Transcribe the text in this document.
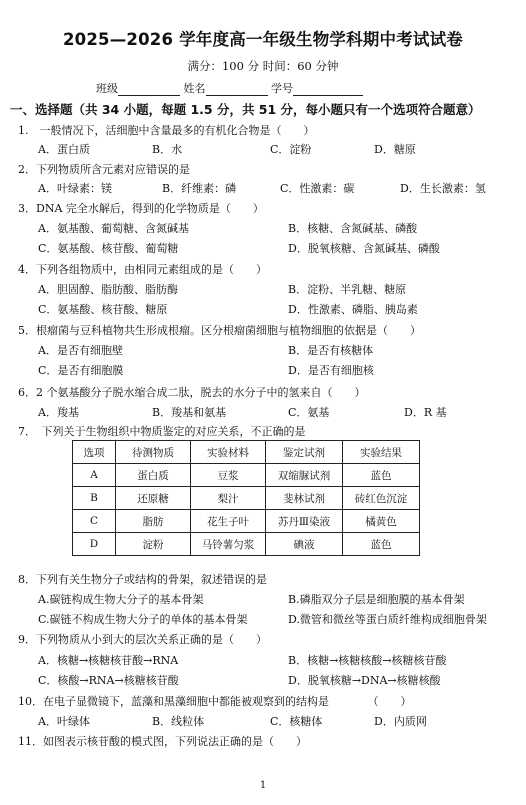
2025—2026 学年度高一年级生物学科期中考试试卷
满分：100 分 时间：60 分钟
班级	姓名	学号
一、选择题（共 34 小题，每题 1.5 分，共 51 分，每小题只有一个选项符合题意）
1.　一般情况下，活细胞中含量最多的有机化合物是（　　）
A．蛋白质	B．水	C．淀粉	D．糖原
2．下列物质所含元素对应错误的是
A．叶绿素：镁	B．纤维素：磷	C．性激素：碳	D．生长激素：氢
3．DNA 完全水解后，得到的化学物质是（　　）
A．氨基酸、葡萄糖、含氮碱基	B．核糖、含氮碱基、磷酸
C．氨基酸、核苷酸、葡萄糖	D．脱氧核糖、含氮碱基、磷酸
4．下列各组物质中，由相同元素组成的是（　　）
A．胆固醇、脂肪酸、脂肪酶	B．淀粉、半乳糖、糖原
C．氨基酸、核苷酸、糖原	D．性激素、磷脂、胰岛素
5．根瘤菌与豆科植物共生形成根瘤。区分根瘤菌细胞与植物细胞的依据是（　　）
A．是否有细胞壁	B．是否有核糖体
C．是否有细胞膜	D．是否有细胞核
6．2 个氨基酸分子脱水缩合成二肽，脱去的水分子中的氢来自（　　）
A．羧基	B．羧基和氨基	C．氨基	D．R 基
7．　下列关于生物组织中物质鉴定的对应关系，不正确的是
选项	待测物质	实验材料	鉴定试剂	实验结果
A	蛋白质	豆浆	双缩脲试剂	蓝色
B	还原糖	梨汁	斐林试剂	砖红色沉淀
C	脂肪	花生子叶	苏丹Ⅲ染液	橘黄色
D	淀粉	马铃薯匀浆	碘液	蓝色
8．下列有关生物分子或结构的骨架，叙述错误的是
A.碳链构成生物大分子的基本骨架	B.磷脂双分子层是细胞膜的基本骨架
C.碳链不构成生物大分子的单体的基本骨架	D.微管和微丝等蛋白质纤维构成细胞骨架
9．下列物质从小到大的层次关系正确的是（　　）
A．核糖→核糖核苷酸→RNA	B．核糖→核糖核酸→核糖核苷酸
C．核酸→RNA→核糖核苷酸	D．脱氧核糖→DNA→核糖核酸
10．在电子显微镜下，蓝藻和黑藻细胞中都能被观察到的结构是　　　　（　　）
A．叶绿体	B．线粒体	C．核糖体	D．内质网
11．如图表示核苷酸的模式图，下列说法正确的是（　　）
1
